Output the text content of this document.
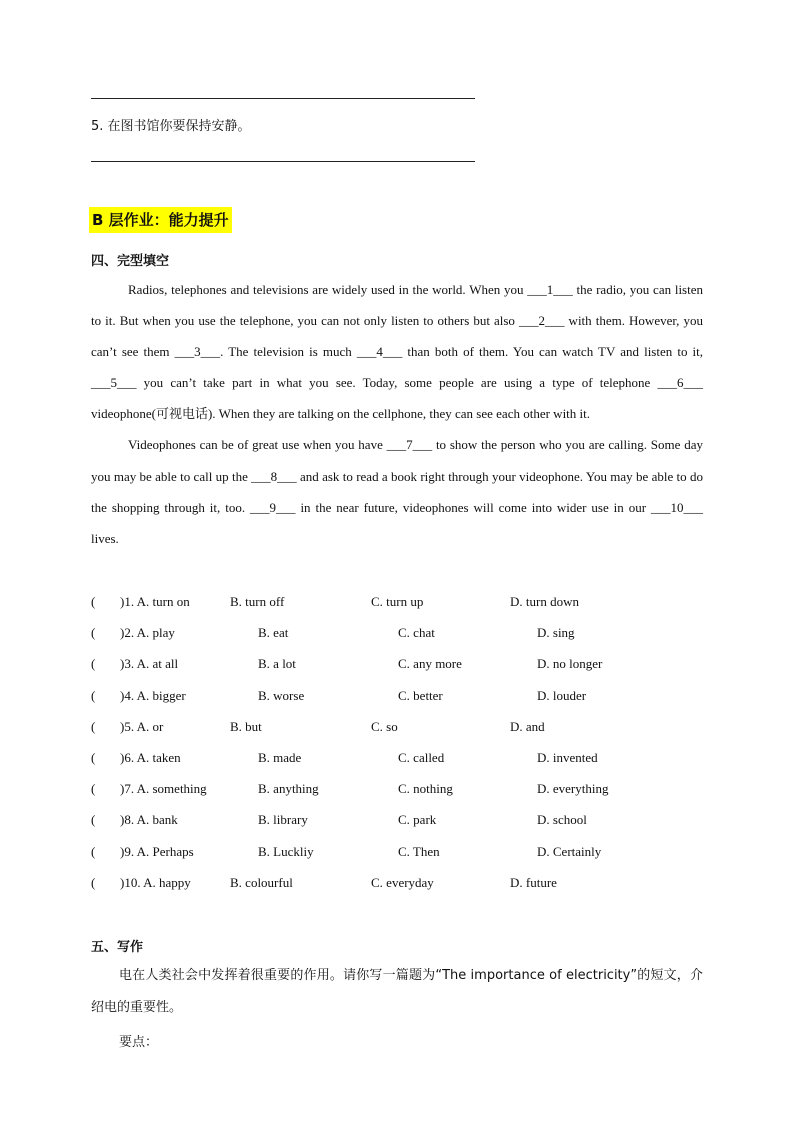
5. 在图书馆你要保持安静。
B 层作业：能力提升
四、完型填空

Radios, telephones and televisions are widely used in the world. When you ___1___ the radio, you can listen to it. But when you use the telephone, you can not only listen to others but also ___2___ with them. However, you can’t see them ___3___. The television is much ___4___ than both of them. You can watch TV and listen to it, ___5___ you can’t take part in what you see. Today, some people are using a type of telephone ___6___ videophone(可视电话). When they are talking on the cellphone, they can see each other with it.

Videophones can be of great use when you have ___7___ to show the person who you are calling. Some day you may be able to call up the ___8___ and ask to read a book right through your videophone. You may be able to do the shopping through it, too. ___9___ in the near future, videophones will come into wider use in our ___10___ lives.

( )1. A. turn on	B. turn off	C. turn up	D. turn down
( )2. A. play	B. eat	C. chat	D. sing
( )3. A. at all	B. a lot	C. any more	D. no longer
( )4. A. bigger	B. worse	C. better	D. louder
( )5. A. or	B. but	C. so	D. and
( )6. A. taken	B. made	C. called	D. invented
( )7. A. something	B. anything	C. nothing	D. everything
( )8. A. bank	B. library	C. park	D. school
( )9. A. Perhaps	B. Luckliy	C. Then	D. Certainly
( )10. A. happy	B. colourful	C. everyday	D. future
五、写作

电在人类社会中发挥着很重要的作用。请你写一篇题为“The importance of electricity”的短文，介绍电的重要性。

要点：
